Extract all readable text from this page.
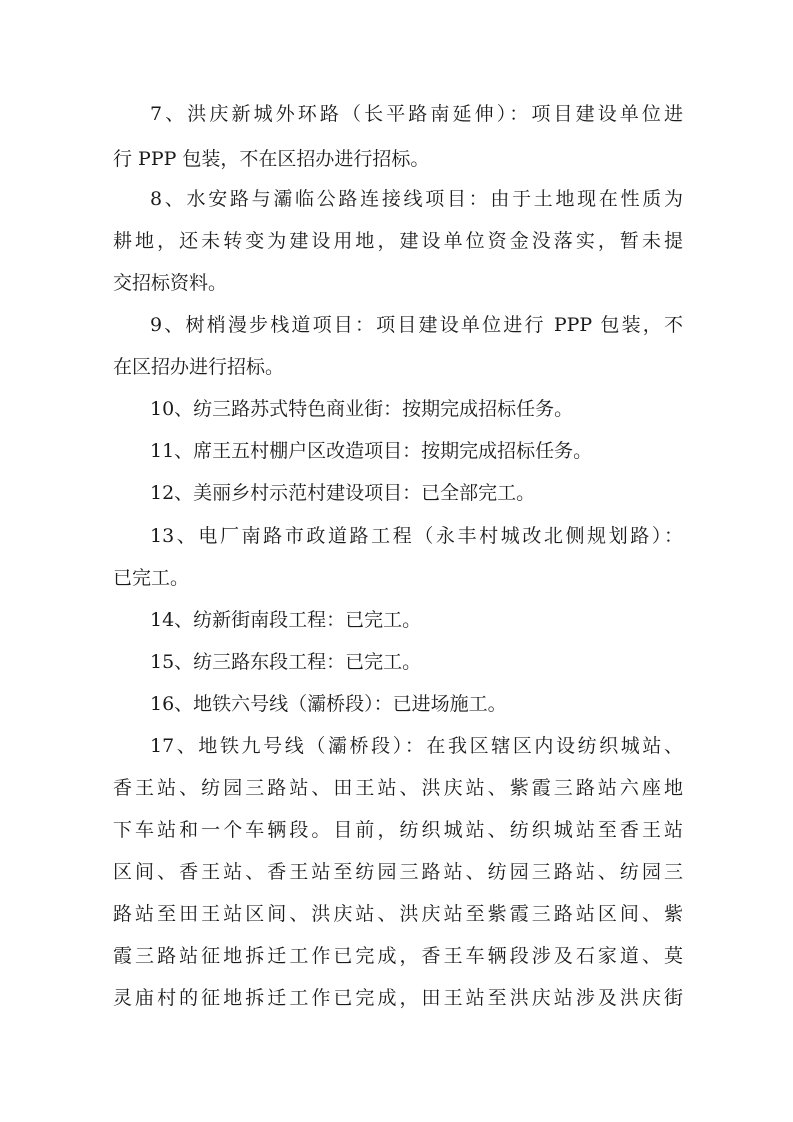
7、洪庆新城外环路（长平路南延伸）：项目建设单位进
行 PPP 包装，不在区招办进行招标。
8、水安路与灞临公路连接线项目：由于土地现在性质为
耕地，还未转变为建设用地，建设单位资金没落实，暂未提
交招标资料。
9、树梢漫步栈道项目：项目建设单位进行 PPP 包装，不
在区招办进行招标。
10、纺三路苏式特色商业街：按期完成招标任务。
11、席王五村棚户区改造项目：按期完成招标任务。
12、美丽乡村示范村建设项目：已全部完工。
13、电厂南路市政道路工程（永丰村城改北侧规划路）：
已完工。
14、纺新街南段工程：已完工。
15、纺三路东段工程：已完工。
16、地铁六号线（灞桥段）：已进场施工。
17、地铁九号线（灞桥段）：在我区辖区内设纺织城站、
香王站、纺园三路站、田王站、洪庆站、紫霞三路站六座地
下车站和一个车辆段。目前，纺织城站、纺织城站至香王站
区间、香王站、香王站至纺园三路站、纺园三路站、纺园三
路站至田王站区间、洪庆站、洪庆站至紫霞三路站区间、紫
霞三路站征地拆迁工作已完成，香王车辆段涉及石家道、莫
灵庙村的征地拆迁工作已完成，田王站至洪庆站涉及洪庆街
